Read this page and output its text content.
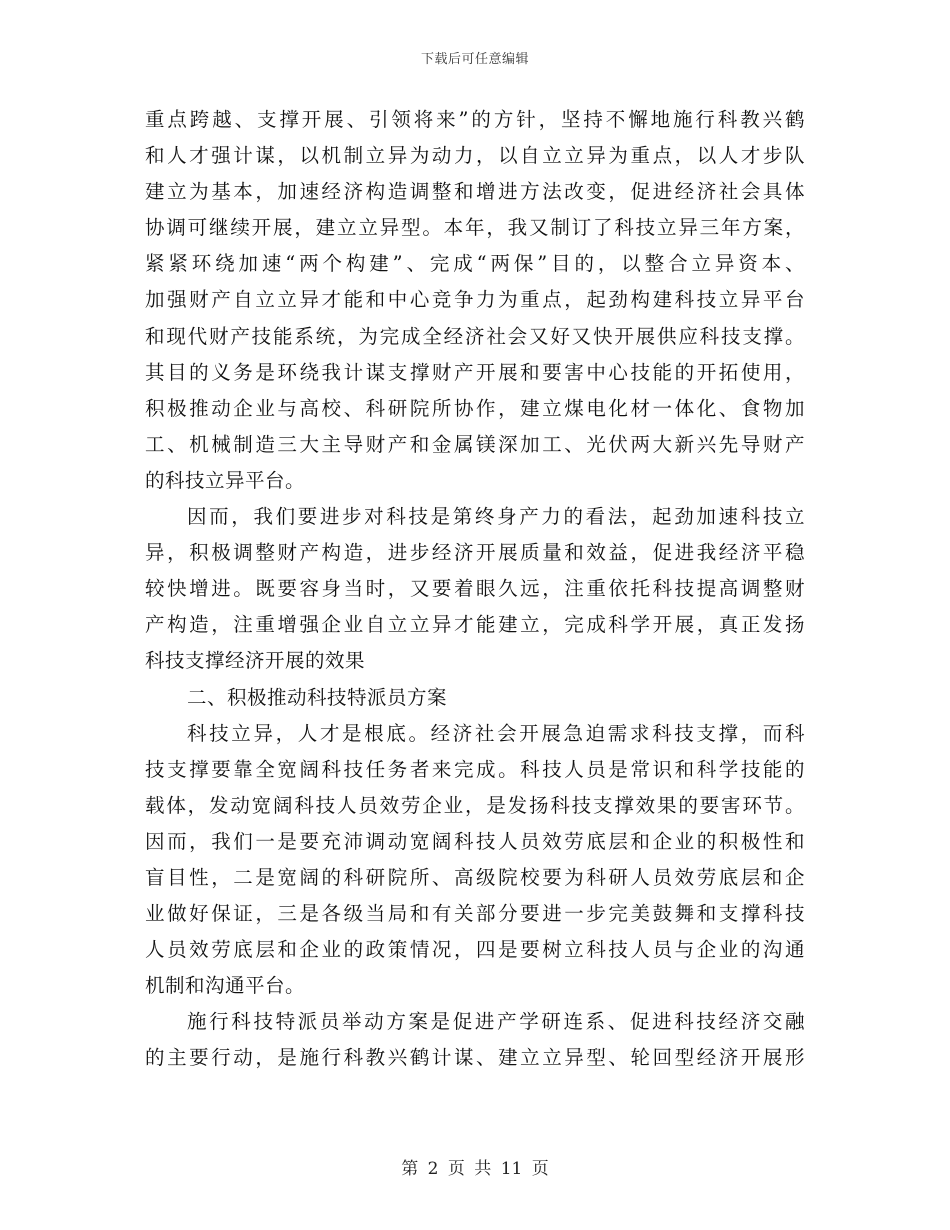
下载后可任意编辑
重点跨越、支撑开展、引领将来”的方针，坚持不懈地施行科教兴鹤
和人才强计谋，以机制立异为动力，以自立立异为重点，以人才步队
建立为基本，加速经济构造调整和增进方法改变，促进经济社会具体
协调可继续开展，建立立异型。本年，我又制订了科技立异三年方案，
紧紧环绕加速“两个构建”、完成“两保”目的，以整合立异资本、
加强财产自立立异才能和中心竞争力为重点，起劲构建科技立异平台
和现代财产技能系统，为完成全经济社会又好又快开展供应科技支撑。
其目的义务是环绕我计谋支撑财产开展和要害中心技能的开拓使用，
积极推动企业与高校、科研院所协作，建立煤电化材一体化、食物加
工、机械制造三大主导财产和金属镁深加工、光伏两大新兴先导财产
的科技立异平台。
因而，我们要进步对科技是第终身产力的看法，起劲加速科技立
异，积极调整财产构造，进步经济开展质量和效益，促进我经济平稳
较快增进。既要容身当时，又要着眼久远，注重依托科技提高调整财
产构造，注重增强企业自立立异才能建立，完成科学开展，真正发扬
科技支撑经济开展的效果
二、积极推动科技特派员方案
科技立异，人才是根底。经济社会开展急迫需求科技支撑，而科
技支撑要靠全宽阔科技任务者来完成。科技人员是常识和科学技能的
载体，发动宽阔科技人员效劳企业，是发扬科技支撑效果的要害环节。
因而，我们一是要充沛调动宽阔科技人员效劳底层和企业的积极性和
盲目性，二是宽阔的科研院所、高级院校要为科研人员效劳底层和企
业做好保证，三是各级当局和有关部分要进一步完美鼓舞和支撑科技
人员效劳底层和企业的政策情况，四是要树立科技人员与企业的沟通
机制和沟通平台。
施行科技特派员举动方案是促进产学研连系、促进科技经济交融
的主要行动，是施行科教兴鹤计谋、建立立异型、轮回型经济开展形
第 2 页 共 11 页
